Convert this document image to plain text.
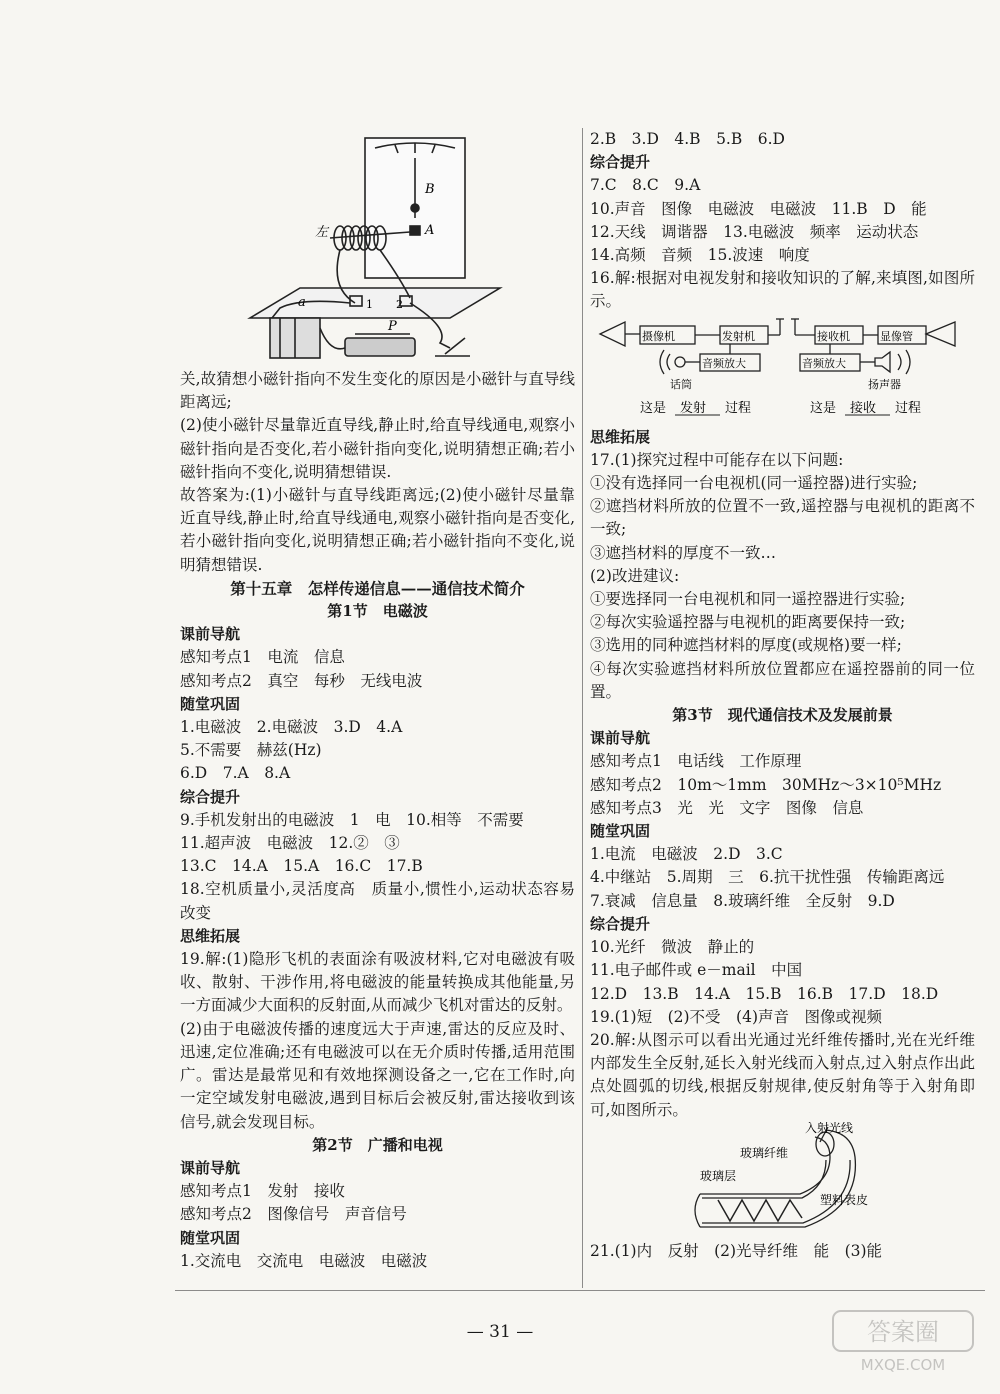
左
B
A
a
P
1 2
关,故猜想小磁针指向不发生变化的原因是小磁针与直导线距离远;
(2)使小磁针尽量靠近直导线,静止时,给直导线通电,观察小磁针指向是否变化,若小磁针指向变化,说明猜想正确;若小磁针指向不变化,说明猜想错误.
故答案为:(1)小磁针与直导线距离远;(2)使小磁针尽量靠近直导线,静止时,给直导线通电,观察小磁针指向是否变化,若小磁针指向变化,说明猜想正确;若小磁针指向不变化,说明猜想错误.
第十五章　怎样传递信息——通信技术简介
第1节　电磁波
课前导航
感知考点1　电流　信息
感知考点2　真空　每秒　无线电波
随堂巩固
1.电磁波　2.电磁波　3.D　4.A
5.不需要　赫兹(Hz)
6.D　7.A　8.A
综合提升
9.手机发射出的电磁波　1　电　10.相等　不需要
11.超声波　电磁波　12.②　③
13.C　14.A　15.A　16.C　17.B
18.空机质量小,灵活度高　质量小,惯性小,运动状态容易改变
思维拓展
19.解:(1)隐形飞机的表面涂有吸波材料,它对电磁波有吸收、散射、干涉作用,将电磁波的能量转换成其他能量,另一方面减少大面积的反射面,从而减少飞机对雷达的反射。
(2)由于电磁波传播的速度远大于声速,雷达的反应及时、迅速,定位准确;还有电磁波可以在无介质时传播,适用范围广。雷达是最常见和有效地探测设备之一,它在工作时,向一定空域发射电磁波,遇到目标后会被反射,雷达接收到该信号,就会发现目标。
第2节　广播和电视
课前导航
感知考点1　发射　接收
感知考点2　图像信号　声音信号
随堂巩固
1.交流电　交流电　电磁波　电磁波
2.B　3.D　4.B　5.B　6.D
综合提升
7.C　8.C　9.A
10.声音　图像　电磁波　电磁波　11.B　D　能
12.天线　调谐器　13.电磁波　频率　运动状态
14.高频　音频　15.波速　响度
16.解:根据对电视发射和接收知识的了解,来填图,如图所示。
摄像机	发射机	接收机	显像管
音频放大	音频放大
话筒	扬声器
这是 发射 过程	这是 接收 过程
思维拓展
17.(1)探究过程中可能存在以下问题:
①没有选择同一台电视机(同一遥控器)进行实验;
②遮挡材料所放的位置不一致,遥控器与电视机的距离不一致;
③遮挡材料的厚度不一致…
(2)改进建议:
①要选择同一台电视机和同一遥控器进行实验;
②每次实验遥控器与电视机的距离要保持一致;
③选用的同种遮挡材料的厚度(或规格)要一样;
④每次实验遮挡材料所放位置都应在遥控器前的同一位置。
第3节　现代通信技术及发展前景
课前导航
感知考点1　电话线　工作原理
感知考点2　10m～1mm　30MHz～3×10⁵MHz
感知考点3　光　光　文字　图像　信息
随堂巩固
1.电流　电磁波　2.D　3.C
4.中继站　5.周期　三　6.抗干扰性强　传输距离远
7.衰减　信息量　8.玻璃纤维　全反射　9.D
综合提升
10.光纤　微波　静止的
11.电子邮件或 e－mail　中国
12.D　13.B　14.A　15.B　16.B　17.D　18.D
19.(1)短　(2)不受　(4)声音　图像或视频
20.解:从图示可以看出光通过光纤维传播时,光在光纤维内部发生全反射,延长入射光线而入射点,过入射点作出此点处圆弧的切线,根据反射规律,使反射角等于入射角即可,如图所示。
入射光线
玻璃纤维
玻璃层
塑料表皮
21.(1)内　反射　(2)光导纤维　能　(3)能
— 31 —	答案圈
MXQE.COM
